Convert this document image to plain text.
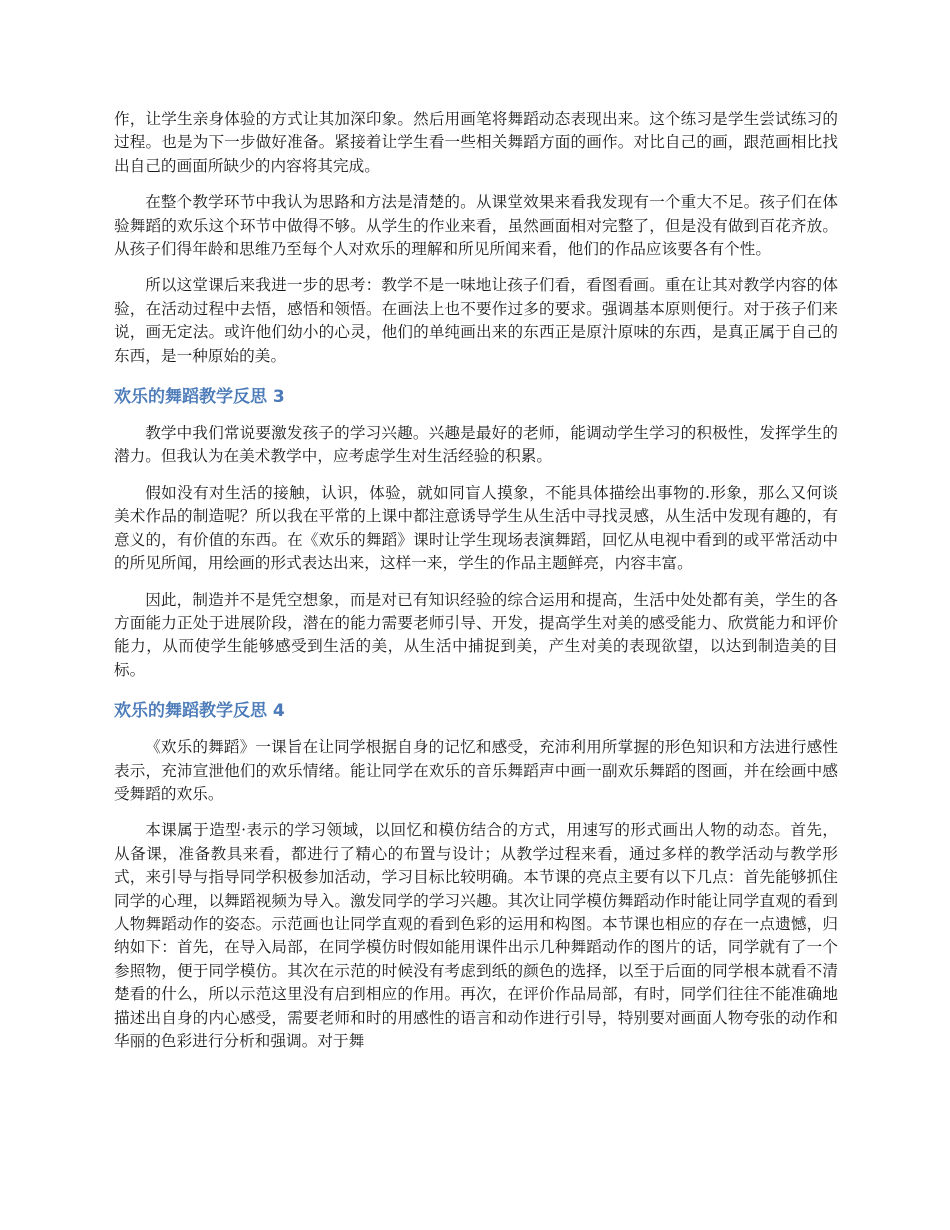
作，让学生亲身体验的方式让其加深印象。然后用画笔将舞蹈动态表现出来。这个练习是学生尝试练习的过程。也是为下一步做好准备。紧接着让学生看一些相关舞蹈方面的画作。对比自己的画，跟范画相比找出自己的画面所缺少的内容将其完成。

在整个教学环节中我认为思路和方法是清楚的。从课堂效果来看我发现有一个重大不足。孩子们在体验舞蹈的欢乐这个环节中做得不够。从学生的作业来看，虽然画面相对完整了，但是没有做到百花齐放。从孩子们得年龄和思维乃至每个人对欢乐的理解和所见所闻来看，他们的作品应该要各有个性。

所以这堂课后来我进一步的思考：教学不是一味地让孩子们看，看图看画。重在让其对教学内容的体验，在活动过程中去悟，感悟和领悟。在画法上也不要作过多的要求。强调基本原则便行。对于孩子们来说，画无定法。或许他们幼小的心灵，他们的单纯画出来的东西正是原汁原味的东西，是真正属于自己的东西，是一种原始的美。

欢乐的舞蹈教学反思 3

教学中我们常说要激发孩子的学习兴趣。兴趣是最好的老师，能调动学生学习的积极性，发挥学生的潜力。但我认为在美术教学中，应考虑学生对生活经验的积累。

假如没有对生活的接触，认识，体验，就如同盲人摸象，不能具体描绘出事物的.形象，那么又何谈美术作品的制造呢？所以我在平常的上课中都注意诱导学生从生活中寻找灵感，从生活中发现有趣的，有意义的，有价值的东西。在《欢乐的舞蹈》课时让学生现场表演舞蹈，回忆从电视中看到的或平常活动中的所见所闻，用绘画的形式表达出来，这样一来，学生的作品主题鲜亮，内容丰富。

因此，制造并不是凭空想象，而是对已有知识经验的综合运用和提高，生活中处处都有美，学生的各方面能力正处于进展阶段，潜在的能力需要老师引导、开发，提高学生对美的感受能力、欣赏能力和评价能力，从而使学生能够感受到生活的美，从生活中捕捉到美，产生对美的表现欲望，以达到制造美的目标。

欢乐的舞蹈教学反思 4

《欢乐的舞蹈》一课旨在让同学根据自身的记忆和感受，充沛利用所掌握的形色知识和方法进行感性表示，充沛宣泄他们的欢乐情绪。能让同学在欢乐的音乐舞蹈声中画一副欢乐舞蹈的图画，并在绘画中感受舞蹈的欢乐。

本课属于造型·表示的学习领域，以回忆和模仿结合的方式，用速写的形式画出人物的动态。首先，从备课，准备教具来看，都进行了精心的布置与设计；从教学过程来看，通过多样的教学活动与教学形式，来引导与指导同学积极参加活动，学习目标比较明确。本节课的亮点主要有以下几点：首先能够抓住同学的心理，以舞蹈视频为导入。激发同学的学习兴趣。其次让同学模仿舞蹈动作时能让同学直观的看到人物舞蹈动作的姿态。示范画也让同学直观的看到色彩的运用和构图。本节课也相应的存在一点遗憾，归纳如下：首先，在导入局部，在同学模仿时假如能用课件出示几种舞蹈动作的图片的话，同学就有了一个参照物，便于同学模仿。其次在示范的时候没有考虑到纸的颜色的选择，以至于后面的同学根本就看不清楚看的什么，所以示范这里没有启到相应的作用。再次，在评价作品局部，有时，同学们往往不能准确地描述出自身的内心感受，需要老师和时的用感性的语言和动作进行引导，特别要对画面人物夸张的动作和华丽的色彩进行分析和强调。对于舞
